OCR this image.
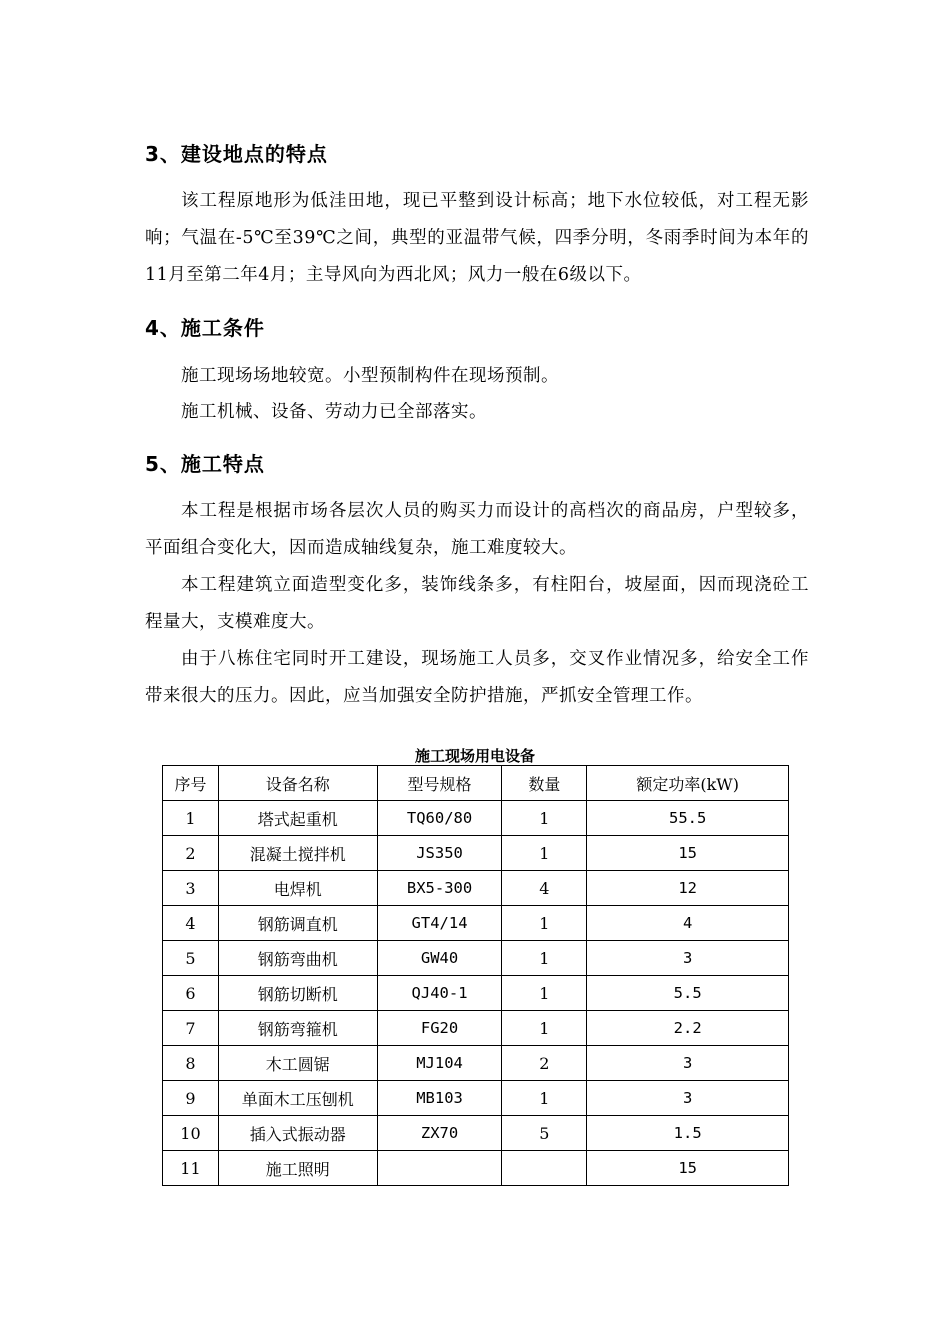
3、建设地点的特点

该工程原地形为低洼田地，现已平整到设计标高；地下水位较低，对工程无影响；气温在-5℃至39℃之间，典型的亚温带气候，四季分明，冬雨季时间为本年的11月至第二年4月；主导风向为西北风；风力一般在6级以下。

4、施工条件

施工现场场地较宽。小型预制构件在现场预制。

施工机械、设备、劳动力已全部落实。

5、施工特点

本工程是根据市场各层次人员的购买力而设计的高档次的商品房，户型较多，平面组合变化大，因而造成轴线复杂，施工难度较大。

本工程建筑立面造型变化多，装饰线条多，有柱阳台，坡屋面，因而现浇砼工程量大，支模难度大。

由于八栋住宅同时开工建设，现场施工人员多，交叉作业情况多，给安全工作带来很大的压力。因此，应当加强安全防护措施，严抓安全管理工作。

施工现场用电设备
序号	设备名称	型号规格	数量	额定功率(kW)
1	塔式起重机	TQ60/80	1	55.5
2	混凝土搅拌机	JS350	1	15
3	电焊机	BX5-300	4	12
4	钢筋调直机	GT4/14	1	4
5	钢筋弯曲机	GW40	1	3
6	钢筋切断机	QJ40-1	1	5.5
7	钢筋弯箍机	FG20	1	2.2
8	木工圆锯	MJ104	2	3
9	单面木工压刨机	MB103	1	3
10	插入式振动器	ZX70	5	1.5
11	施工照明			15
